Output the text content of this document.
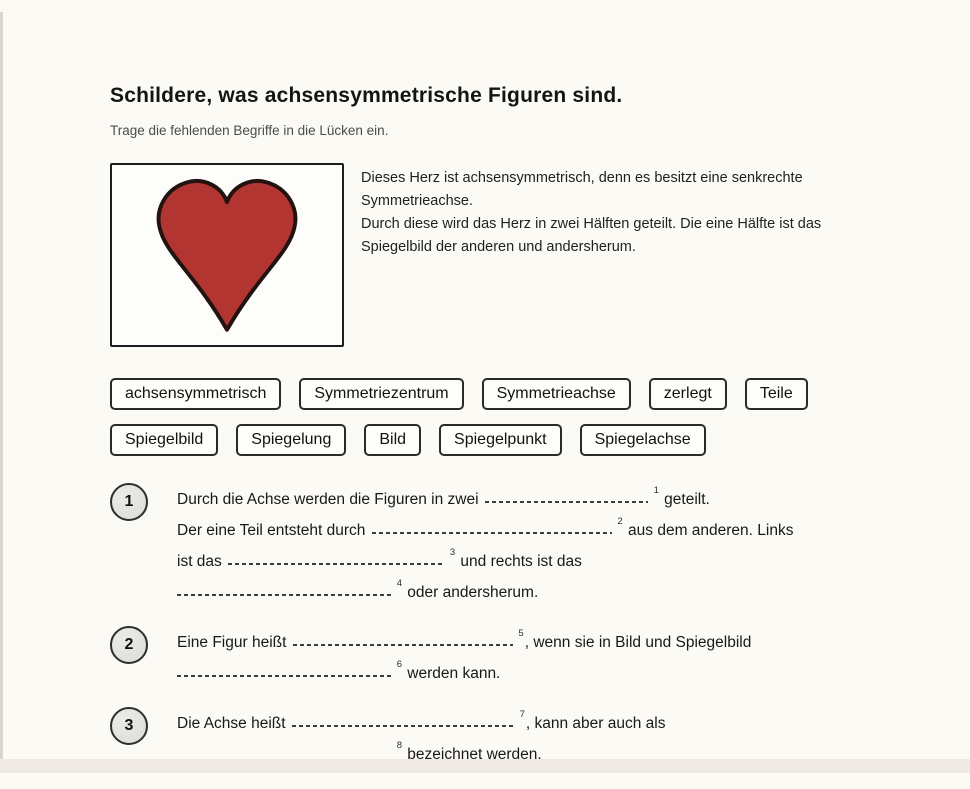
Schildere, was achsensymmetrische Figuren sind.

Trage die fehlenden Begriffe in die Lücken ein.

Dieses Herz ist achsensymmetrisch, denn es besitzt eine senkrechte
Symmetrieachse.
Durch diese wird das Herz in zwei Hälften geteilt. Die eine Hälfte ist das
Spiegelbild der anderen und andersherum.
achsensymmetrisch	Symmetriezentrum	Symmetrieachse	zerlegt	Teile
Spiegelbild	Spiegelung	Bild	Spiegelpunkt	Spiegelachse
1	Durch die Achse werden die Figuren in zwei
1
geteilt.
Der eine Teil entsteht durch
2
aus dem anderen. Links
ist das
3
und rechts ist das
4
oder andersherum.
2	Eine Figur heißt
5
, wenn sie in Bild und Spiegelbild
6
werden kann.
3	Die Achse heißt
7
, kann aber auch als
8
bezeichnet werden.
